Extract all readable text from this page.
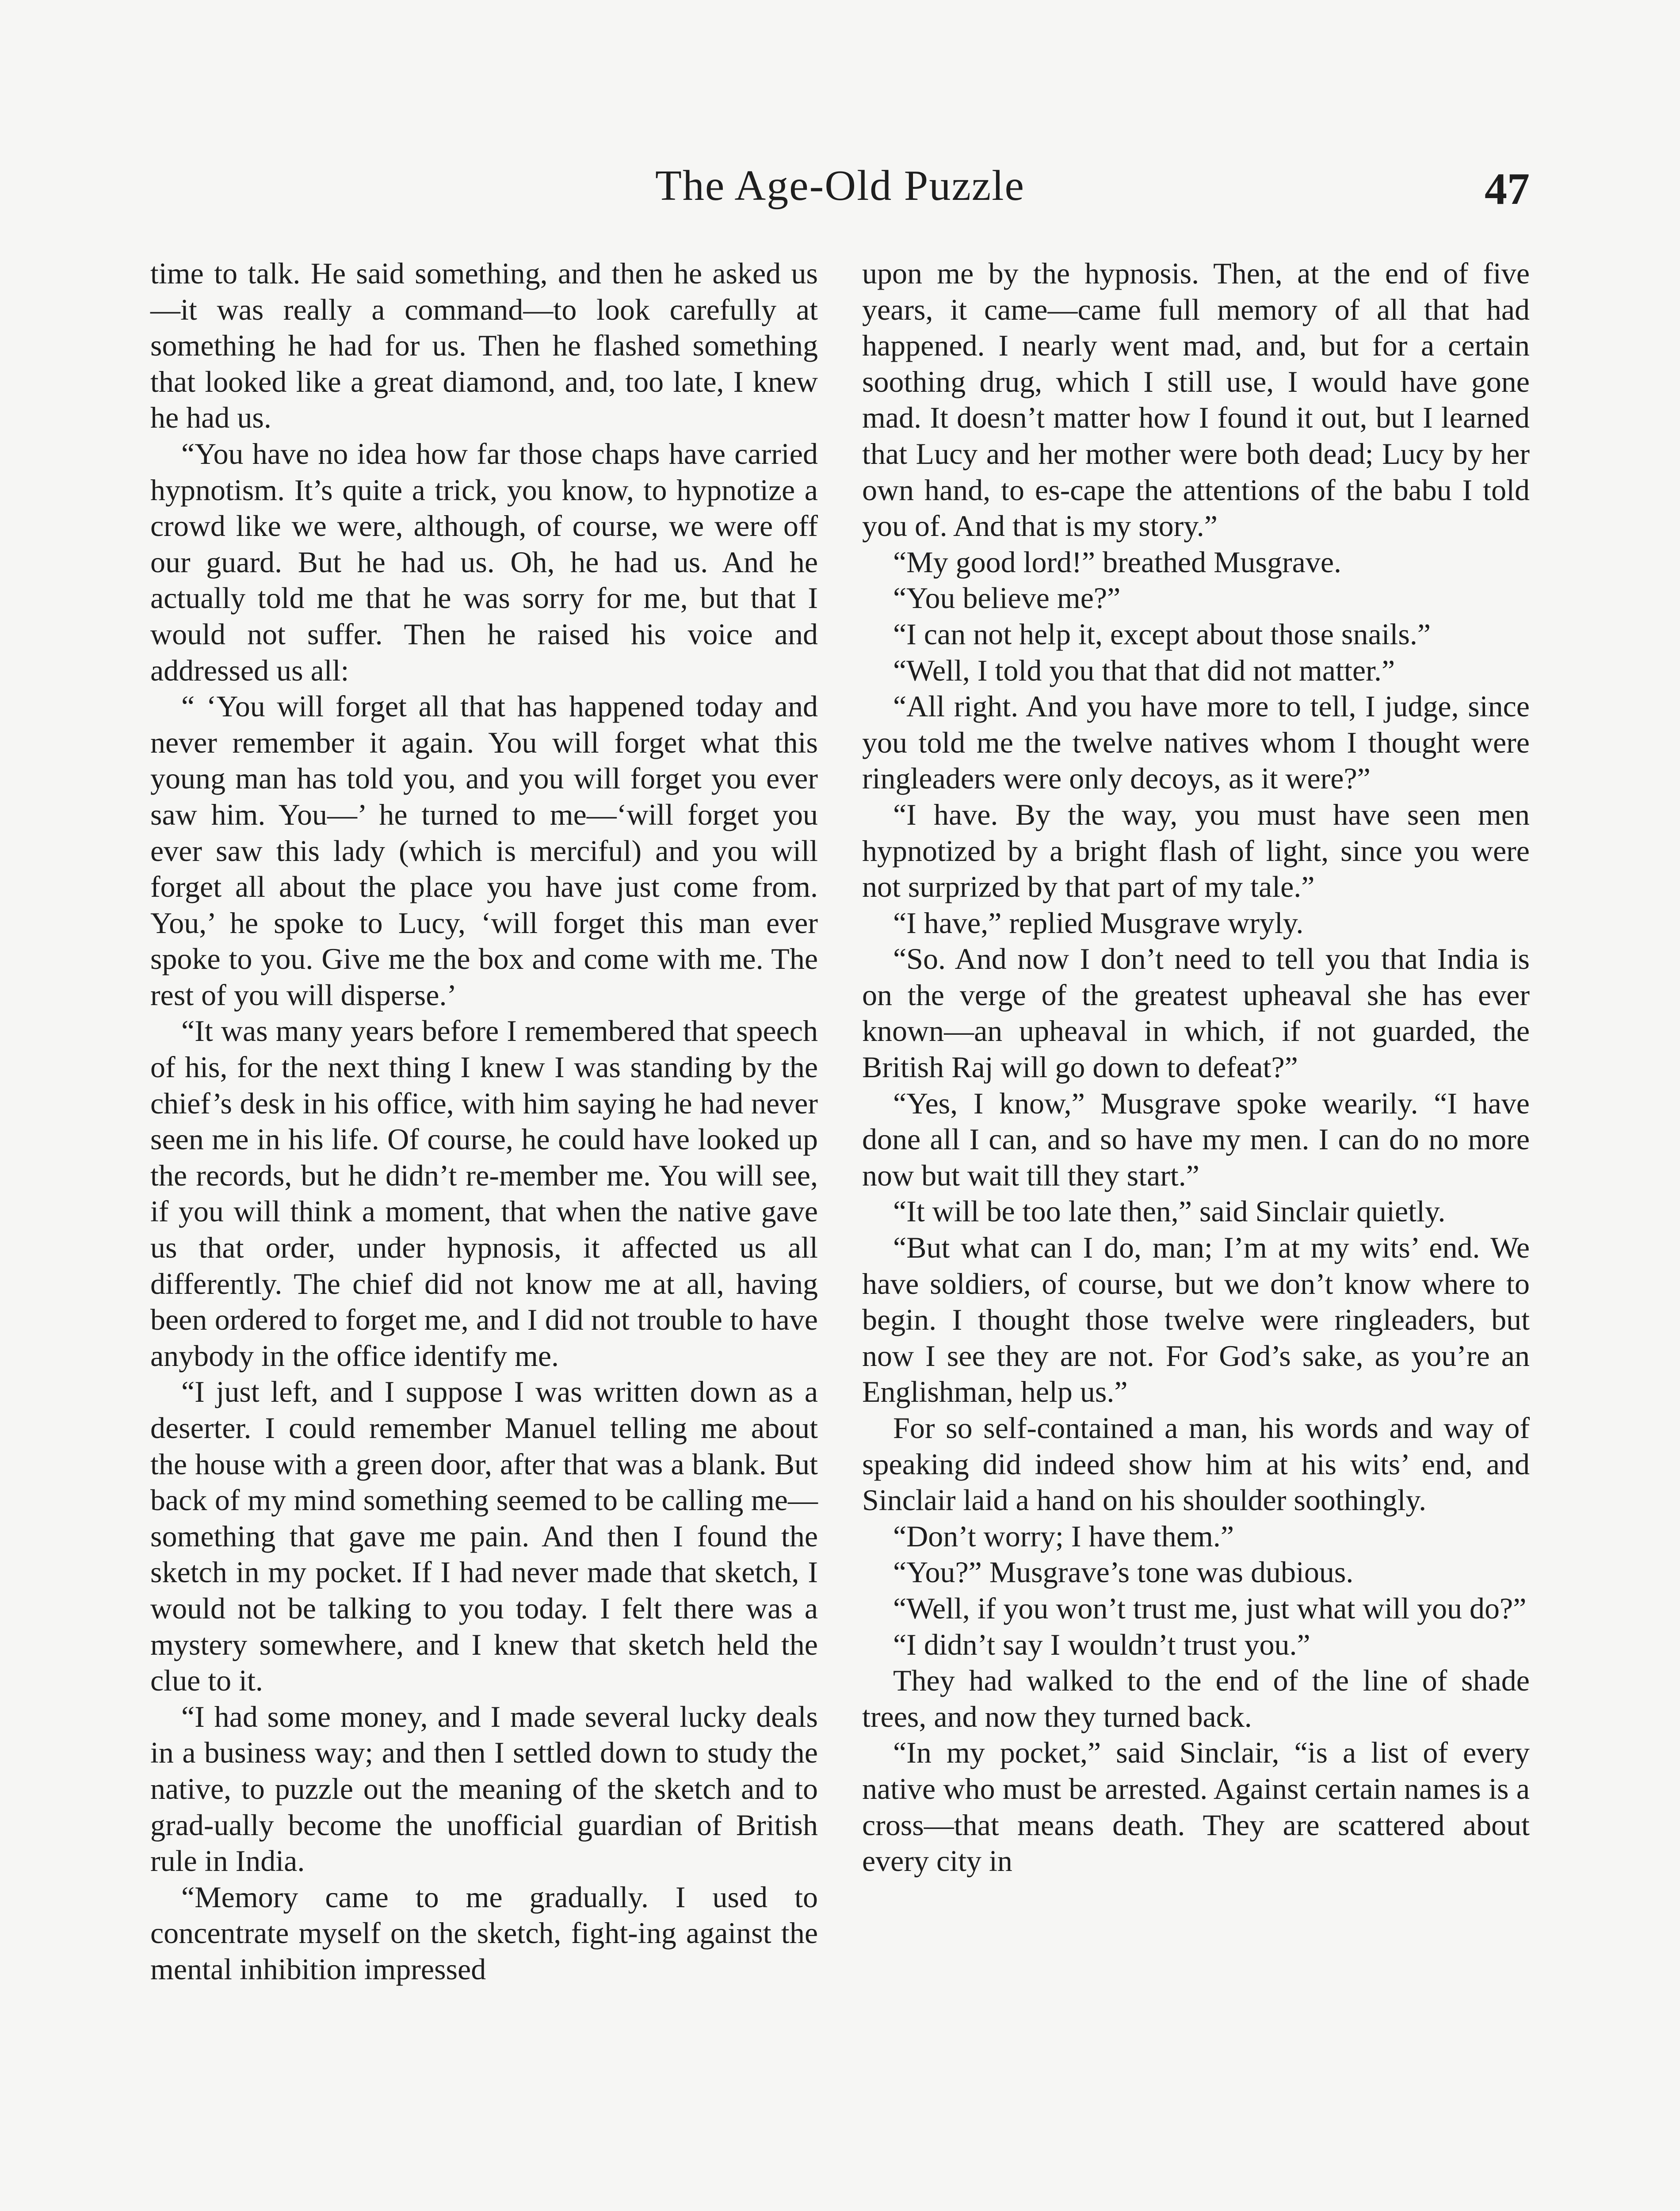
The Age-Old Puzzle	47

time to talk. He said something, and then he asked us—it was really a command—to look carefully at something he had for us. Then he flashed something that looked like a great diamond, and, too late, I knew he had us.

“You have no idea how far those chaps have carried hypnotism. It’s quite a trick, you know, to hypnotize a crowd like we were, although, of course, we were off our guard. But he had us. Oh, he had us. And he actually told me that he was sorry for me, but that I would not suffer. Then he raised his voice and addressed us all:

“ ‘You will forget all that has happened today and never remember it again. You will forget what this young man has told you, and you will forget you ever saw him. You—’ he turned to me—‘will forget you ever saw this lady (which is merciful) and you will forget all about the place you have just come from. You,’ he spoke to Lucy, ‘will forget this man ever spoke to you. Give me the box and come with me. The rest of you will disperse.’

“It was many years before I remembered that speech of his, for the next thing I knew I was standing by the chief’s desk in his office, with him saying he had never seen me in his life. Of course, he could have looked up the records, but he didn’t re-member me. You will see, if you will think a moment, that when the native gave us that order, under hypnosis, it affected us all differently. The chief did not know me at all, having been ordered to forget me, and I did not trouble to have anybody in the office identify me.

“I just left, and I suppose I was written down as a deserter. I could remember Manuel telling me about the house with a green door, after that was a blank. But back of my mind something seemed to be calling me—something that gave me pain. And then I found the sketch in my pocket. If I had never made that sketch, I would not be talking to you today. I felt there was a mystery somewhere, and I knew that sketch held the clue to it.

“I had some money, and I made several lucky deals in a business way; and then I settled down to study the native, to puzzle out the meaning of the sketch and to grad-ually become the unofficial guardian of British rule in India.

“Memory came to me gradually. I used to concentrate myself on the sketch, fight-ing against the mental inhibition impressed

upon me by the hypnosis. Then, at the end of five years, it came—came full memory of all that had happened. I nearly went mad, and, but for a certain soothing drug, which I still use, I would have gone mad. It doesn’t matter how I found it out, but I learned that Lucy and her mother were both dead; Lucy by her own hand, to es-cape the attentions of the babu I told you of. And that is my story.”

“My good lord!” breathed Musgrave.

“You believe me?”

“I can not help it, except about those snails.”

“Well, I told you that that did not matter.”

“All right. And you have more to tell, I judge, since you told me the twelve natives whom I thought were ringleaders were only decoys, as it were?”

“I have. By the way, you must have seen men hypnotized by a bright flash of light, since you were not surprized by that part of my tale.”

“I have,” replied Musgrave wryly.

“So. And now I don’t need to tell you that India is on the verge of the greatest upheaval she has ever known—an upheaval in which, if not guarded, the British Raj will go down to defeat?”

“Yes, I know,” Musgrave spoke wearily. “I have done all I can, and so have my men. I can do no more now but wait till they start.”

“It will be too late then,” said Sinclair quietly.

“But what can I do, man; I’m at my wits’ end. We have soldiers, of course, but we don’t know where to begin. I thought those twelve were ringleaders, but now I see they are not. For God’s sake, as you’re an Englishman, help us.”

For so self-contained a man, his words and way of speaking did indeed show him at his wits’ end, and Sinclair laid a hand on his shoulder soothingly.

“Don’t worry; I have them.”

“You?” Musgrave’s tone was dubious.

“Well, if you won’t trust me, just what will you do?”

“I didn’t say I wouldn’t trust you.”

They had walked to the end of the line of shade trees, and now they turned back.

“In my pocket,” said Sinclair, “is a list of every native who must be arrested. Against certain names is a cross—that means death. They are scattered about every city in
